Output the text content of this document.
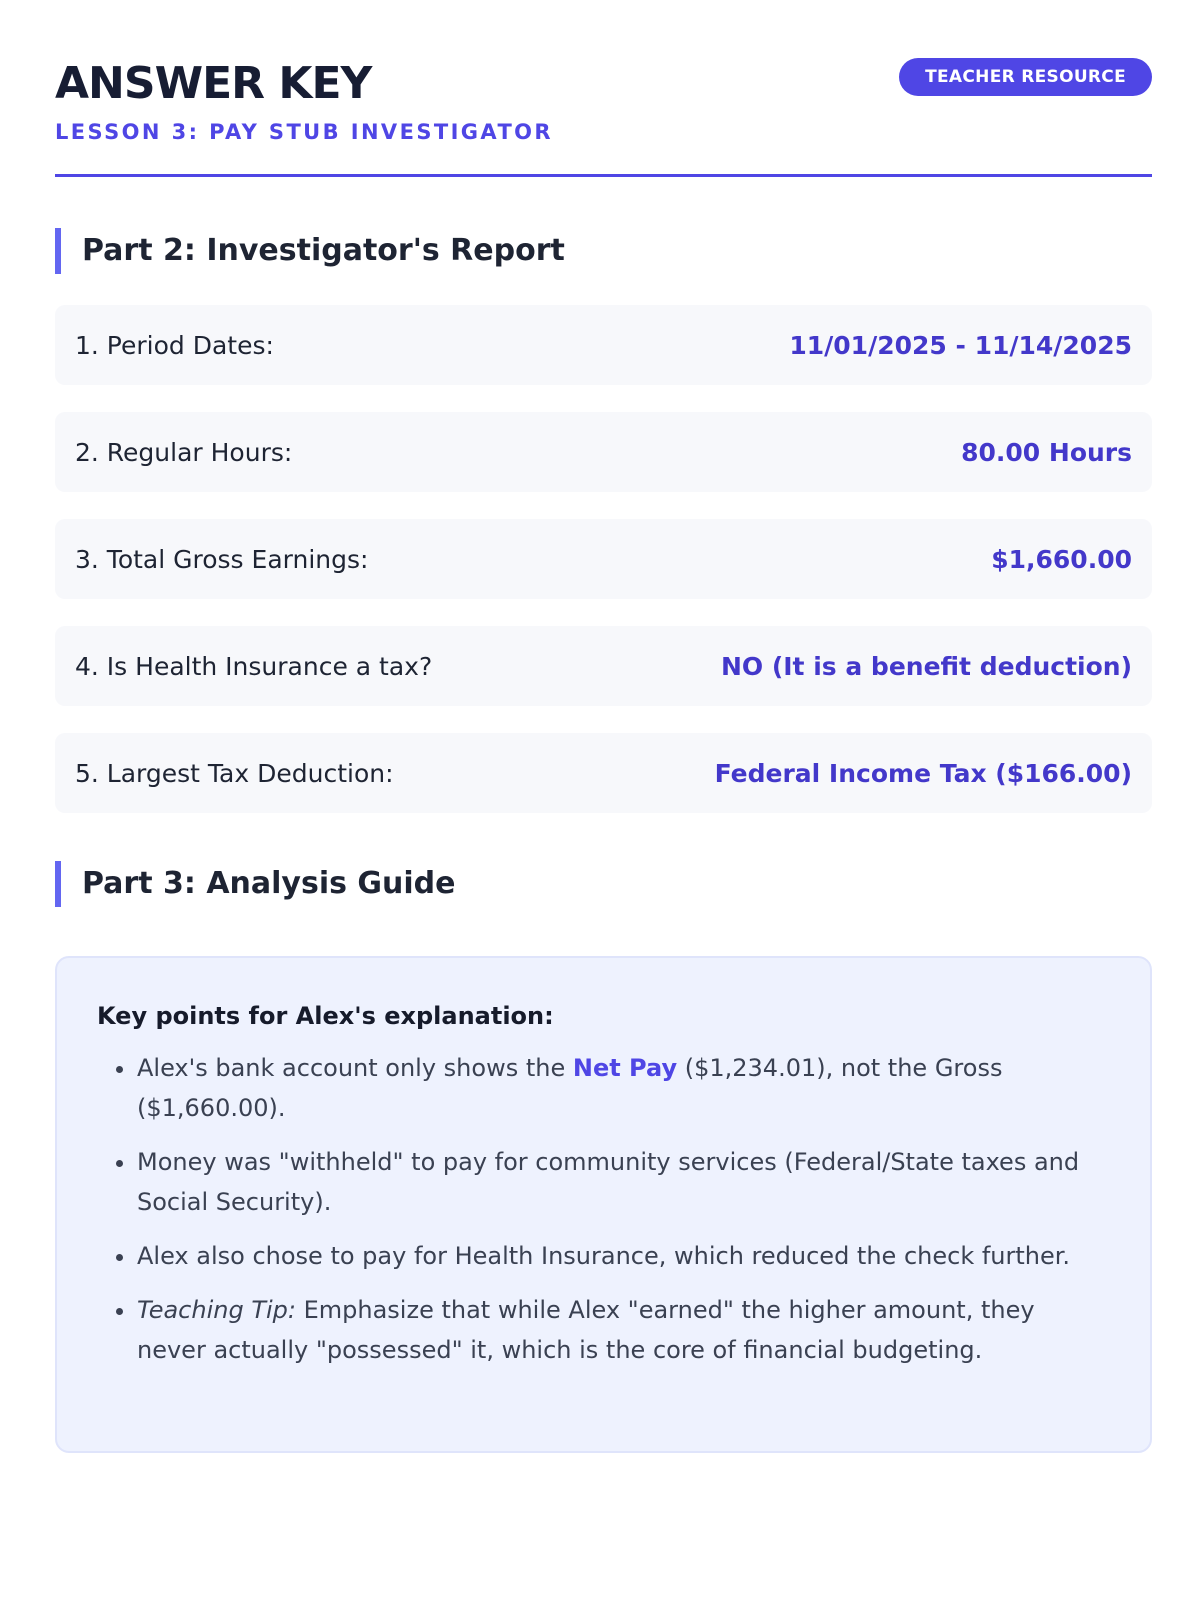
ANSWER KEY
LESSON 3: PAY STUB INVESTIGATOR
TEACHER RESOURCE
Part 2: Investigator's Report
1. Period Dates:	11/01/2025 - 11/14/2025
2. Regular Hours:	80.00 Hours
3. Total Gross Earnings:	$1,660.00
4. Is Health Insurance a tax?	NO (It is a benefit deduction)
5. Largest Tax Deduction:	Federal Income Tax ($166.00)
Part 3: Analysis Guide
Key points for Alex's explanation:
• Alex's bank account only shows the Net Pay ($1,234.01), not the Gross ($1,660.00).
• Money was "withheld" to pay for community services (Federal/State taxes and Social Security).
• Alex also chose to pay for Health Insurance, which reduced the check further.
• Teaching Tip: Emphasize that while Alex "earned" the higher amount, they never actually "possessed" it, which is the core of financial budgeting.
